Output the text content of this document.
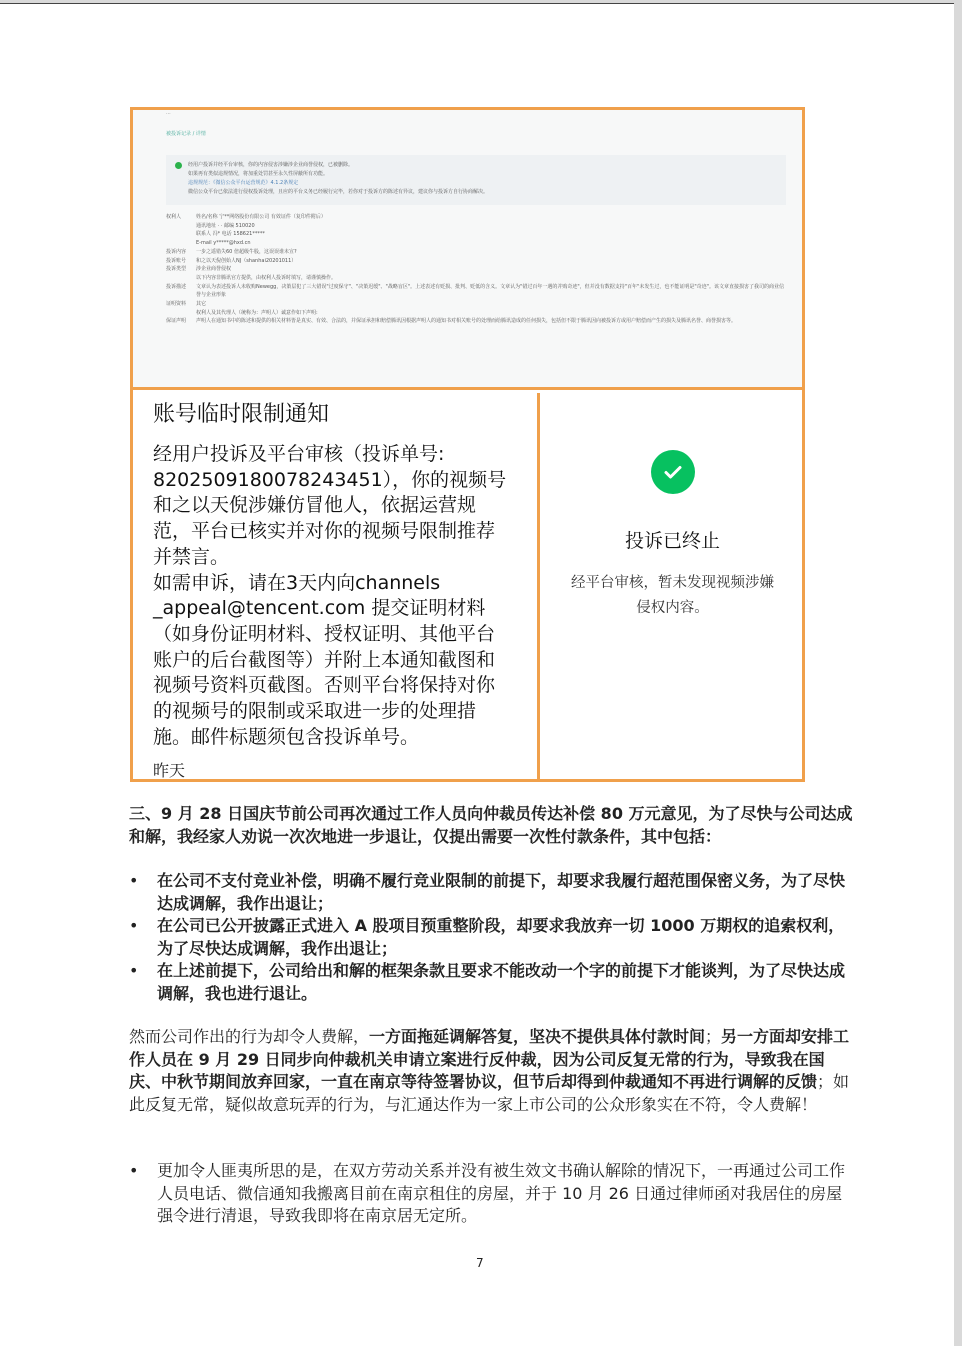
...
被投诉记录 / 详情
经用户投诉并经平台审核，你的内容侵害涉嫌涉企业商誉侵权，已被删除。
如果再有类似违规情况，将加重处罚甚至永久性屏蔽所有功能。
违规规范：《微信公众平台运营规范》4.1.2条规定
微信公众平台已依法进行侵权投诉处理，且应的平台义务已经履行完毕，若你对于投诉方的陈述有异议，建议你与投诉方自行协商解决。
权利人	姓名/名称 宁**网络股份有限公司 有效证件（复印件附后）
通讯地址 · · 邮编 510020
联系人 冯* 电话 158621*****
E-mail y*****@hxd.cn
投诉内容	一步之遥错失60 倍超级牛股，这误误谁未宣?
投诉账号	和之以天倪创始人NJ（shanhai20201011）
投诉类型	涉企业商誉侵权
以下内容非腾讯官方提供，由权利人投诉时填写，请谨慎操作。
投诉描述	文章认为表述投诉人未收购Newegg，决策层犯了三大错误"过度保守"、"决策迟缓"、"战略盲区"。上述表述有贬损、批判、贬低的含义。文章认为"错过百年一遇的并购奇迹"，但并没有数据支持"百年"未发生过，也不能证明是"奇迹"。该文章直接损害了我司的商业信誉与企业形象
证明资料	其它
权利人及其代理人（统称为：声明人）诚意作如下声明:
保证声明	声明人在通知书中的陈述和提供的相关材料皆是真实、有效、合法的，并保证承担和赔偿腾讯因根据声明人的通知书对相关账号的处理而给腾讯造成的任何损失，包括但不限于腾讯因向被投诉方或用户赔偿而产生的损失及腾讯名誉、商誉损害等。
账号临时限制通知
经用户投诉及平台审核（投诉单号:
8202509180078243451），你的视频号
和之以天倪涉嫌仿冒他人，依据运营规
范，平台已核实并对你的视频号限制推荐
并禁言。
如需申诉，请在3天内向channels
_appeal@tencent.com 提交证明材料
（如身份证明材料、授权证明、其他平台
账户的后台截图等）并附上本通知截图和
视频号资料页截图。否则平台将保持对你
的视频号的限制或采取进一步的处理措
施。邮件标题须包含投诉单号。
昨天
投诉已终止

经平台审核，暂未发现视频涉嫌侵权内容。

三、9 月 28 日国庆节前公司再次通过工作人员向仲裁员传达补偿 80 万元意见，为了尽快与公司达成和解，我经家人劝说一次次地进一步退让，仅提出需要一次性付款条件，其中包括：

• 在公司不支付竞业补偿，明确不履行竞业限制的前提下，却要求我履行超范围保密义务，为了尽快达成调解，我作出退让；
• 在公司已公开披露正式进入 A 股项目预重整阶段，却要求我放弃一切 1000 万期权的追索权利，为了尽快达成调解，我作出退让；
• 在上述前提下，公司给出和解的框架条款且要求不能改动一个字的前提下才能谈判，为了尽快达成调解，我也进行退让。

然而公司作出的行为却令人费解，一方面拖延调解答复，坚决不提供具体付款时间；另一方面却安排工作人员在 9 月 29 日同步向仲裁机关申请立案进行反仲裁，因为公司反复无常的行为，导致我在国庆、中秋节期间放弃回家，一直在南京等待签署协议，但节后却得到仲裁通知不再进行调解的反馈；如此反复无常，疑似故意玩弄的行为，与汇通达作为一家上市公司的公众形象实在不符，令人费解！

• 更加令人匪夷所思的是，在双方劳动关系并没有被生效文书确认解除的情况下，一再通过公司工作人员电话、微信通知我搬离目前在南京租住的房屋，并于 10 月 26 日通过律师函对我居住的房屋强令进行清退，导致我即将在南京居无定所。
7
